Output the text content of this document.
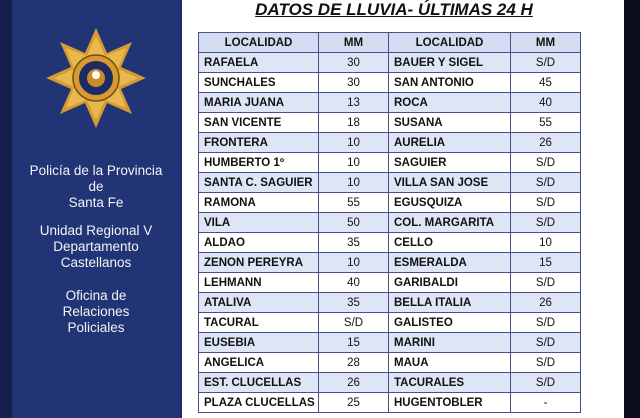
Policía de la Provincia
de
Santa Fe
Unidad Regional V
Departamento
Castellanos
Oficina de
Relaciones
Policiales
DATOS DE LLUVIA- ÚLTIMAS 24 H
LOCALIDAD	MM	LOCALIDAD	MM
RAFAELA	30	BAUER Y SIGEL	S/D
SUNCHALES	30	SAN ANTONIO	45
MARIA JUANA	13	ROCA	40
SAN VICENTE	18	SUSANA	55
FRONTERA	10	AURELIA	26
HUMBERTO 1º	10	SAGUIER	S/D
SANTA C. SAGUIER	10	VILLA SAN JOSE	S/D
RAMONA	55	EGUSQUIZA	S/D
VILA	50	COL. MARGARITA	S/D
ALDAO	35	CELLO	10
ZENON PEREYRA	10	ESMERALDA	15
LEHMANN	40	GARIBALDI	S/D
ATALIVA	35	BELLA ITALIA	26
TACURAL	S/D	GALISTEO	S/D
EUSEBIA	15	MARINI	S/D
ANGELICA	28	MAUA	S/D
EST. CLUCELLAS	26	TACURALES	S/D
PLAZA CLUCELLAS	25	HUGENTOBLER	-
